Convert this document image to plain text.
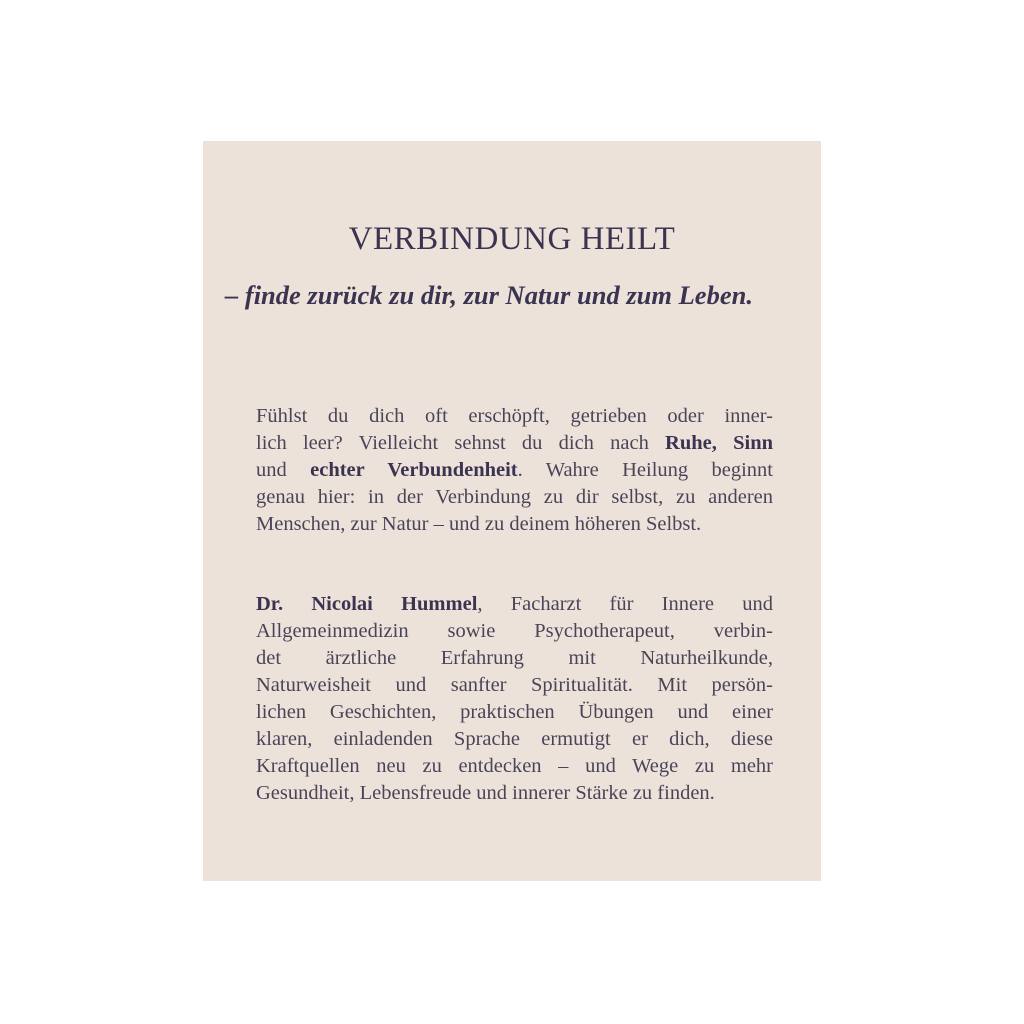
VERBINDUNG HEILT
– finde zurück zu dir, zur Natur und zum Leben.
Fühlst du dich oft erschöpft, getrieben oder inner-
lich leer? Vielleicht sehnst du dich nach Ruhe, Sinn
und echter Verbundenheit. Wahre Heilung beginnt
genau hier: in der Verbindung zu dir selbst, zu anderen
Menschen, zur Natur – und zu deinem höheren Selbst.
Dr. Nicolai Hummel, Facharzt für Innere und
Allgemeinmedizin sowie Psychotherapeut, verbin-
det ärztliche Erfahrung mit Naturheilkunde,
Naturweisheit und sanfter Spiritualität. Mit persön-
lichen Geschichten, praktischen Übungen und einer
klaren, einladenden Sprache ermutigt er dich, diese
Kraftquellen neu zu entdecken – und Wege zu mehr
Gesundheit, Lebensfreude und innerer Stärke zu finden.
